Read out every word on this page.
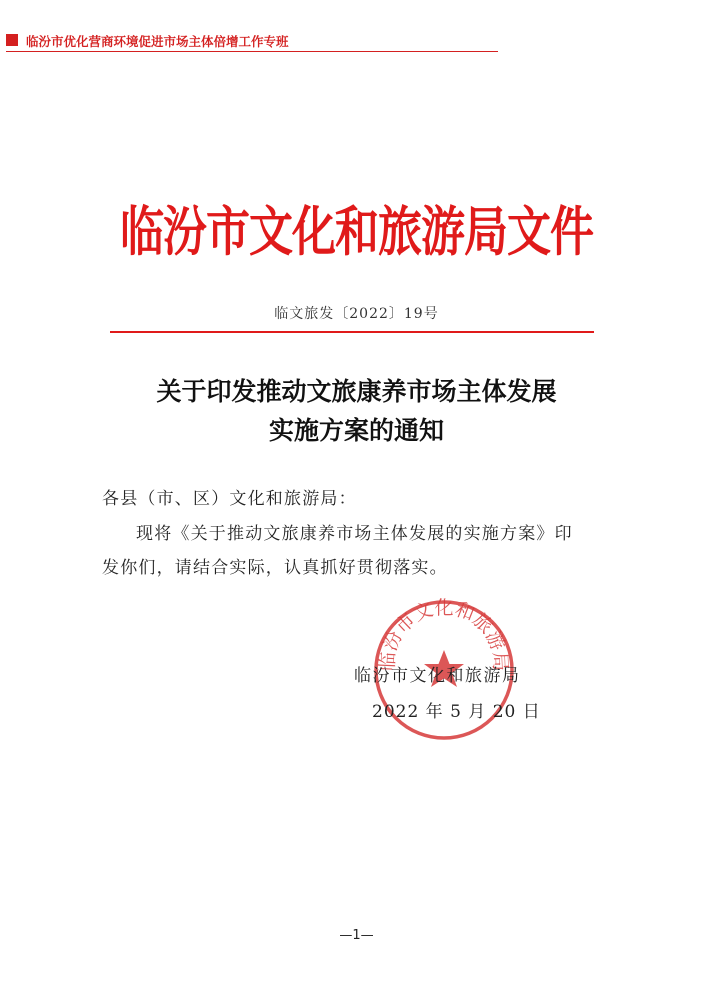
临汾市优化营商环境促进市场主体倍增工作专班
临汾市文化和旅游局文件
临文旅发〔2022〕19号
关于印发推动文旅康养市场主体发展
实施方案的通知
各县（市、区）文化和旅游局：
现将《关于推动文旅康养市场主体发展的实施方案》印
发你们，请结合实际，认真抓好贯彻落实。
临汾市文化和旅游局
临汾市文化和旅游局
2022 年 5 月 20 日
—1—
